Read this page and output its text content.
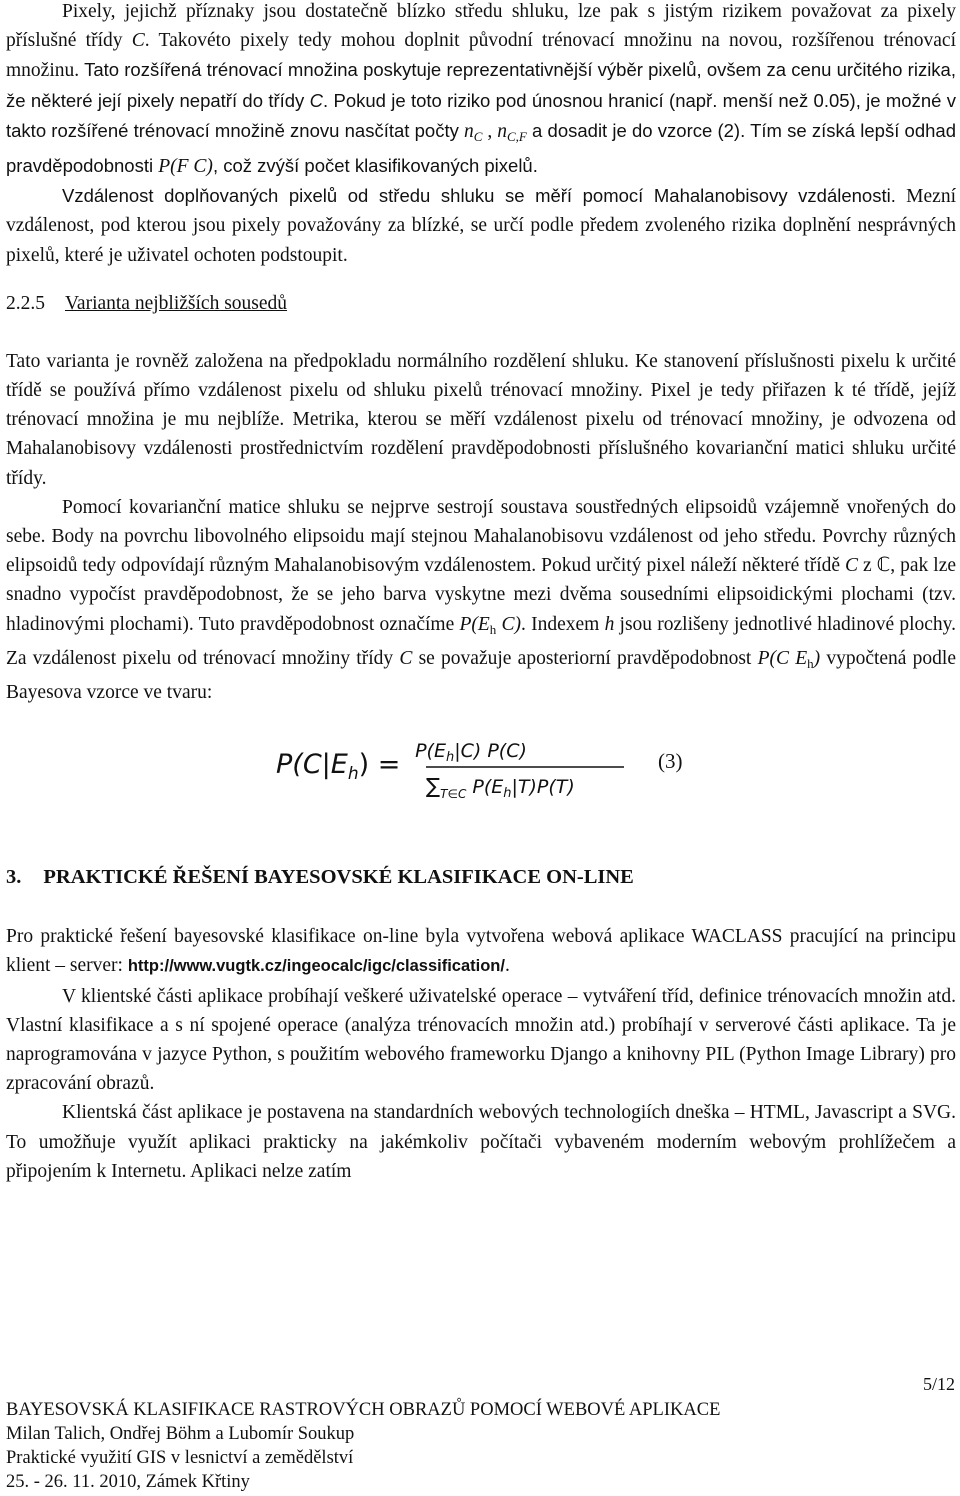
Pixely, jejichž příznaky jsou dostatečně blízko středu shluku, lze pak s jistým rizikem považovat za pixely příslušné třídy C. Takovéto pixely tedy mohou doplnit původní trénovací množinu na novou, rozšířenou trénovací množinu. Tato rozšířená trénovací množina poskytuje reprezentativnější výběr pixelů, ovšem za cenu určitého rizika, že některé její pixely nepatří do třídy C. Pokud je toto riziko pod únosnou hranicí (např. menší než 0.05), je možné v takto rozšířené trénovací množině znovu nasčítat počty $n_C$ , $n_{C,F}$ a dosadit je do vzorce (2). Tím se získá lepší odhad pravděpodobnosti P(F C), což zvýší počet klasifikovaných pixelů.

Vzdálenost doplňovaných pixelů od středu shluku se měří pomocí Mahalanobisovy vzdálenosti. Mezní vzdálenost, pod kterou jsou pixely považovány za blízké, se určí podle předem zvoleného rizika doplnění nesprávných pixelů, které je uživatel ochoten podstoupit.

2.2.5 Varianta nejbližších sousedů

Tato varianta je rovněž založena na předpokladu normálního rozdělení shluku. Ke stanovení příslušnosti pixelu k určité třídě se používá přímo vzdálenost pixelu od shluku pixelů trénovací množiny. Pixel je tedy přiřazen k té třídě, jejíž trénovací množina je mu nejblíže. Metrika, kterou se měří vzdálenost pixelu od trénovací množiny, je odvozena od Mahalanobisovy vzdálenosti prostřednictvím rozdělení pravděpodobnosti příslušného kovarianční matici shluku určité třídy.

Pomocí kovarianční matice shluku se nejprve sestrojí soustava soustředných elipsoidů vzájemně vnořených do sebe. Body na povrchu libovolného elipsoidu mají stejnou Mahalanobisovu vzdálenost od jeho středu. Povrchy různých elipsoidů tedy odpovídají různým Mahalanobisovým vzdálenostem. Pokud určitý pixel náleží některé třídě C z ℂ, pak lze snadno vypočíst pravděpodobnost, že se jeho barva vyskytne mezi dvěma sousedními elipsoidickými plochami (tzv. hladinovými plochami). Tuto pravděpodobnost označíme $P(E_h$ C). Indexem h jsou rozlišeny jednotlivé hladinové plochy. Za vzdálenost pixelu od trénovací množiny třídy C se považuje aposteriorní pravděpodobnost P(C $E_h$) vypočtená podle Bayesova vzorce ve tvaru:

$P(C|E_h) = P(E_h|C)$ P(C)
$\sum_{T\in C}$ $P(E_h|T)P(T)$
(3)
3. PRAKTICKÉ ŘEŠENÍ BAYESOVSKÉ KLASIFIKACE ON-LINE

Pro praktické řešení bayesovské klasifikace on-line byla vytvořena webová aplikace WACLASS pracující na principu klient – server: http://www.vugtk.cz/ingeocalc/igc/classification/.

V klientské části aplikace probíhají veškeré uživatelské operace – vytváření tříd, definice trénovacích množin atd. Vlastní klasifikace a s ní spojené operace (analýza trénovacích množin atd.) probíhají v serverové části aplikace. Ta je naprogramována v jazyce Python, s použitím webového frameworku Django a knihovny PIL (Python Image Library) pro zpracování obrazů.

Klientská část aplikace je postavena na standardních webových technologiích dneška – HTML, Javascript a SVG. To umožňuje využít aplikaci prakticky na jakémkoliv počítači vybaveném moderním webovým prohlížečem a připojením k Internetu. Aplikaci nelze zatím

5/12
BAYESOVSKÁ KLASIFIKACE RASTROVÝCH OBRAZŮ POMOCÍ WEBOVÉ APLIKACE
Milan Talich, Ondřej Böhm a Lubomír Soukup
Praktické využití GIS v lesnictví a zemědělství
25. - 26. 11. 2010, Zámek Křtiny
